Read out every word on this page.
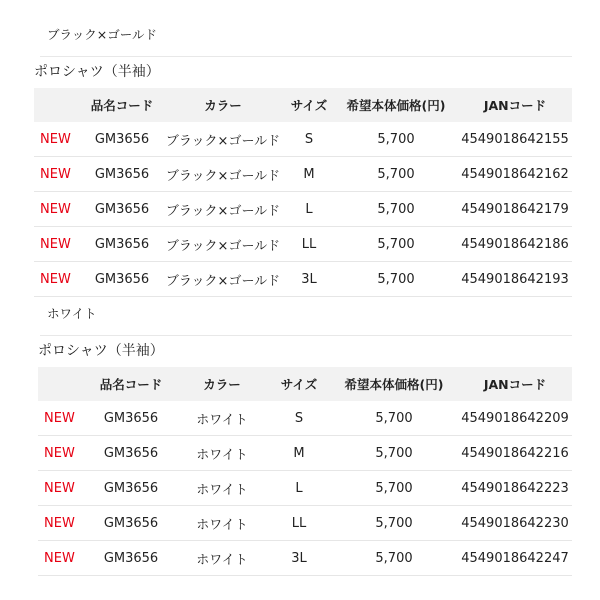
ブラック×ゴールド
ポロシャツ（半袖）
	品名コード	カラー	サイズ	希望本体価格(円)	JANコード
NEW	GM3656	ブラック×ゴールド	S	5,700	4549018642155
NEW	GM3656	ブラック×ゴールド	M	5,700	4549018642162
NEW	GM3656	ブラック×ゴールド	L	5,700	4549018642179
NEW	GM3656	ブラック×ゴールド	LL	5,700	4549018642186
NEW	GM3656	ブラック×ゴールド	3L	5,700	4549018642193
ホワイト
ポロシャツ（半袖）
	品名コード	カラー	サイズ	希望本体価格(円)	JANコード
NEW	GM3656	ホワイト	S	5,700	4549018642209
NEW	GM3656	ホワイト	M	5,700	4549018642216
NEW	GM3656	ホワイト	L	5,700	4549018642223
NEW	GM3656	ホワイト	LL	5,700	4549018642230
NEW	GM3656	ホワイト	3L	5,700	4549018642247
